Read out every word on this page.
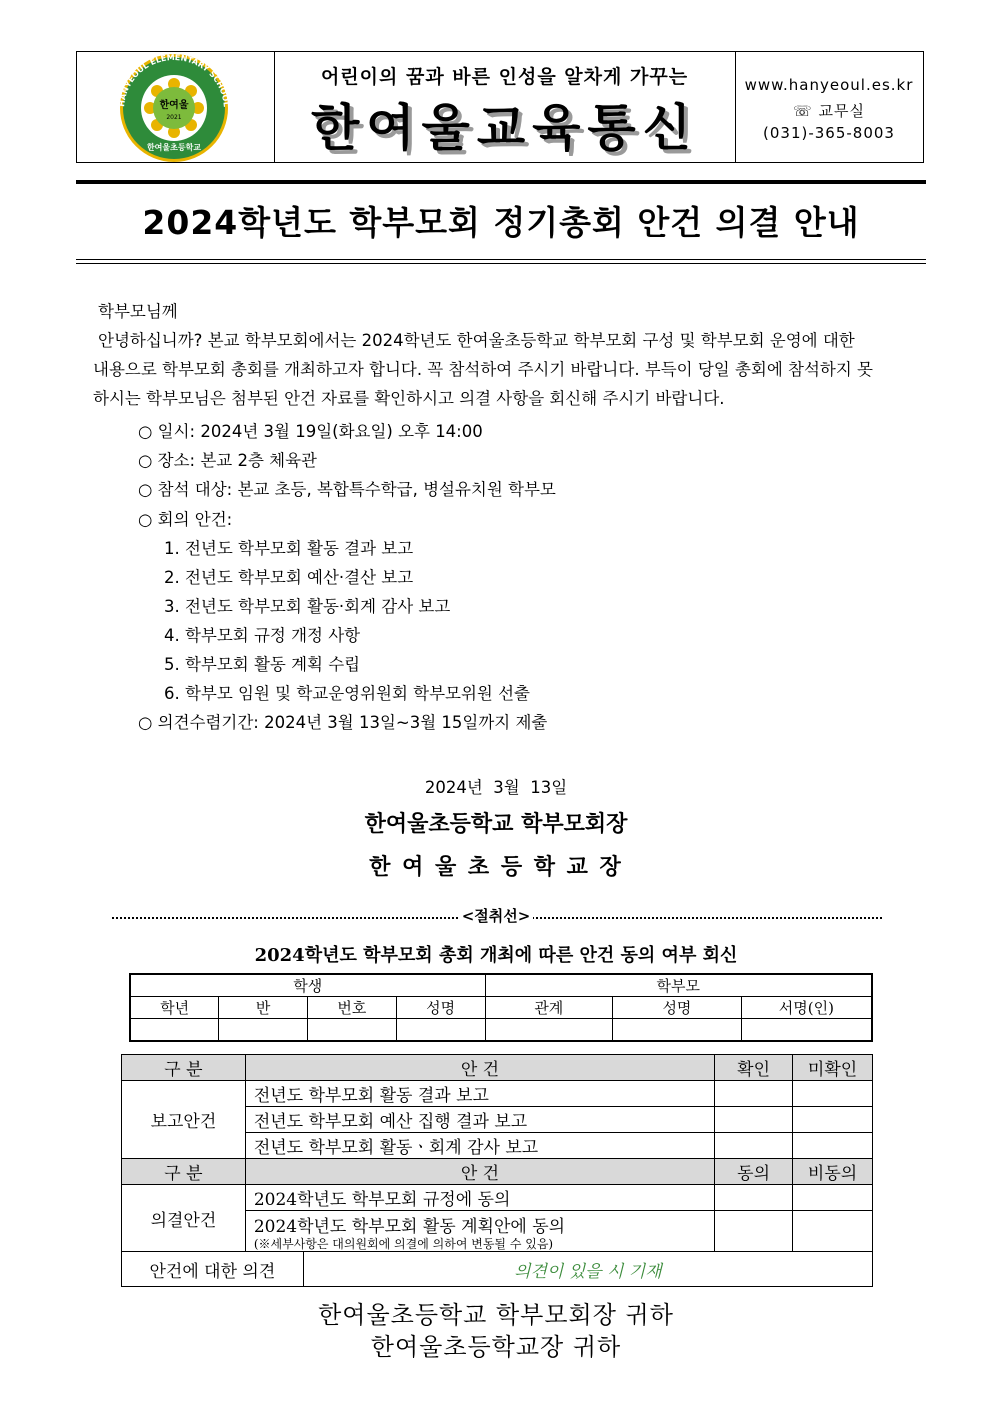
HANYEOUL ELEMENTARY SCHOOL
한여울
2021
한여울초등학교
어린이의 꿈과 바른 인성을 알차게 가꾸는
한여울교육통신
www.hanyeoul.es.kr
☏ 교무실
(031)-365-8003
2024학년도 학부모회 정기총회 안건 의결 안내
학부모님께
안녕하십니까? 본교 학부모회에서는 2024학년도 한여울초등학교 학부모회 구성 및 학부모회 운영에 대한
내용으로 학부모회 총회를 개최하고자 합니다. 꼭 참석하여 주시기 바랍니다. 부득이 당일 총회에 참석하지 못
하시는 학부모님은 첨부된 안건 자료를 확인하시고 의결 사항을 회신해 주시기 바랍니다.
○ 일시: 2024년 3월 19일(화요일) 오후 14:00
○ 장소: 본교 2층 체육관
○ 참석 대상: 본교 초등, 복합특수학급, 병설유치원 학부모
○ 회의 안건:
1. 전년도 학부모회 활동 결과 보고
2. 전년도 학부모회 예산·결산 보고
3. 전년도 학부모회 활동·회계 감사 보고
4. 학부모회 규정 개정 사항
5. 학부모회 활동 계획 수립
6. 학부모 임원 및 학교운영위원회 학부모위원 선출
○ 의견수렴기간: 2024년 3월 13일~3월 15일까지 제출
2024년  3월  13일
한여울초등학교 학부모회장
한 여 울 초 등 학 교 장
<절취선>
2024학년도 학부모회 총회 개최에 따른 안건 동의 여부 회신
학생				학부모		
학년	반	번호	성명	관계	성명	서명(인)

구 분	안 건		확인	미확인
보고안건	전년도 학부모회 활동 결과 보고			
	전년도 학부모회 예산 집행 결과 보고			
	전년도 학부모회 활동ㆍ회계 감사 보고			
구 분	안 건		동의	비동의
의결안건	2024학년도 학부모회 규정에 동의			
	2024학년도 학부모회 활동 계획안에 동의
(※세부사항은 대의원회에 의결에 의하여 변동될 수 있음)			

안건에 대한 의견		의견이 있을 시 기재		
한여울초등학교 학부모회장 귀하
한여울초등학교장 귀하
